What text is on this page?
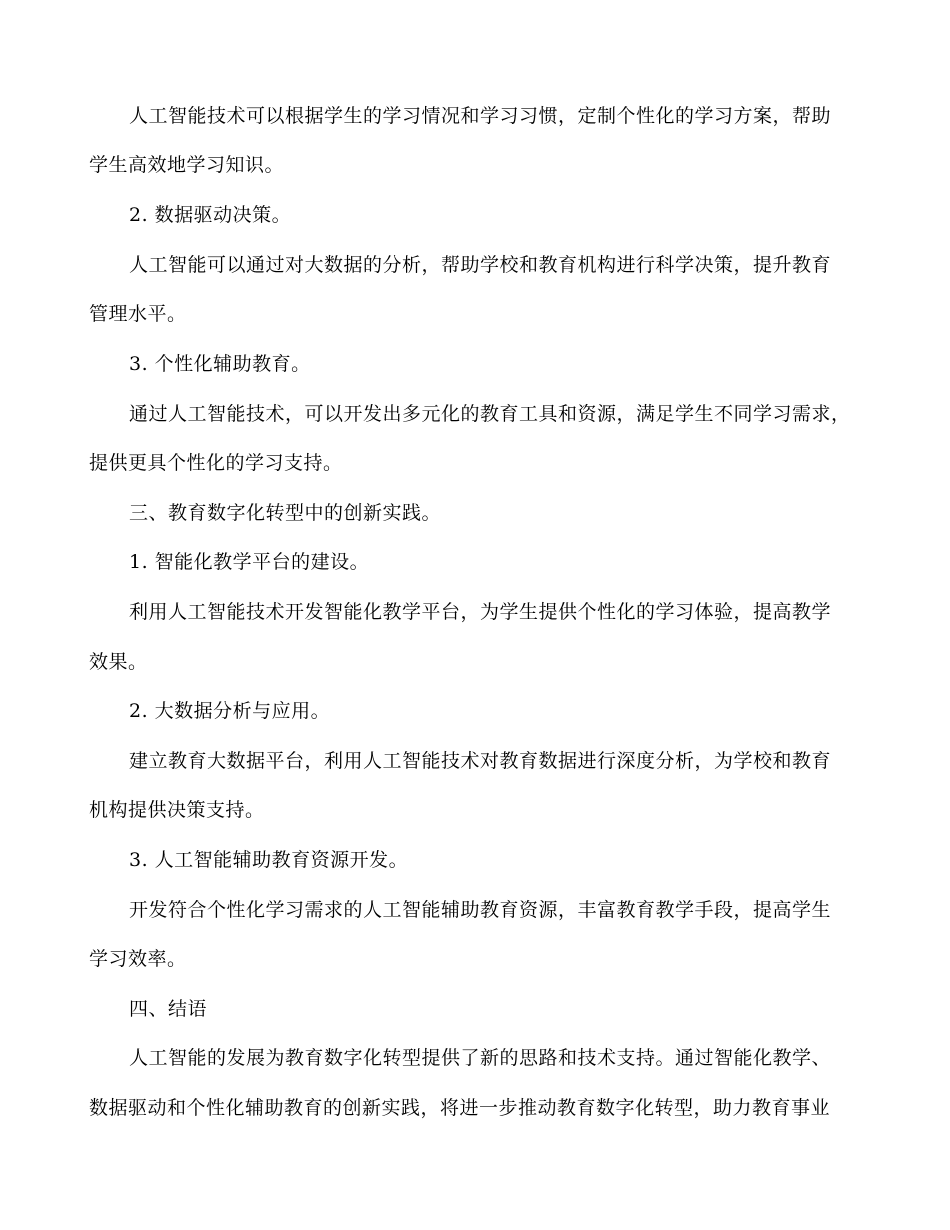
人工智能技术可以根据学生的学习情况和学习习惯，定制个性化的学习方案，帮助
学生高效地学习知识。
2. 数据驱动决策。
人工智能可以通过对大数据的分析，帮助学校和教育机构进行科学决策，提升教育
管理水平。
3. 个性化辅助教育。
通过人工智能技术，可以开发出多元化的教育工具和资源，满足学生不同学习需求，
提供更具个性化的学习支持。
三、教育数字化转型中的创新实践。
1. 智能化教学平台的建设。
利用人工智能技术开发智能化教学平台，为学生提供个性化的学习体验，提高教学
效果。
2. 大数据分析与应用。
建立教育大数据平台，利用人工智能技术对教育数据进行深度分析，为学校和教育
机构提供决策支持。
3. 人工智能辅助教育资源开发。
开发符合个性化学习需求的人工智能辅助教育资源，丰富教育教学手段，提高学生
学习效率。
四、结语
人工智能的发展为教育数字化转型提供了新的思路和技术支持。通过智能化教学、
数据驱动和个性化辅助教育的创新实践，将进一步推动教育数字化转型，助力教育事业
